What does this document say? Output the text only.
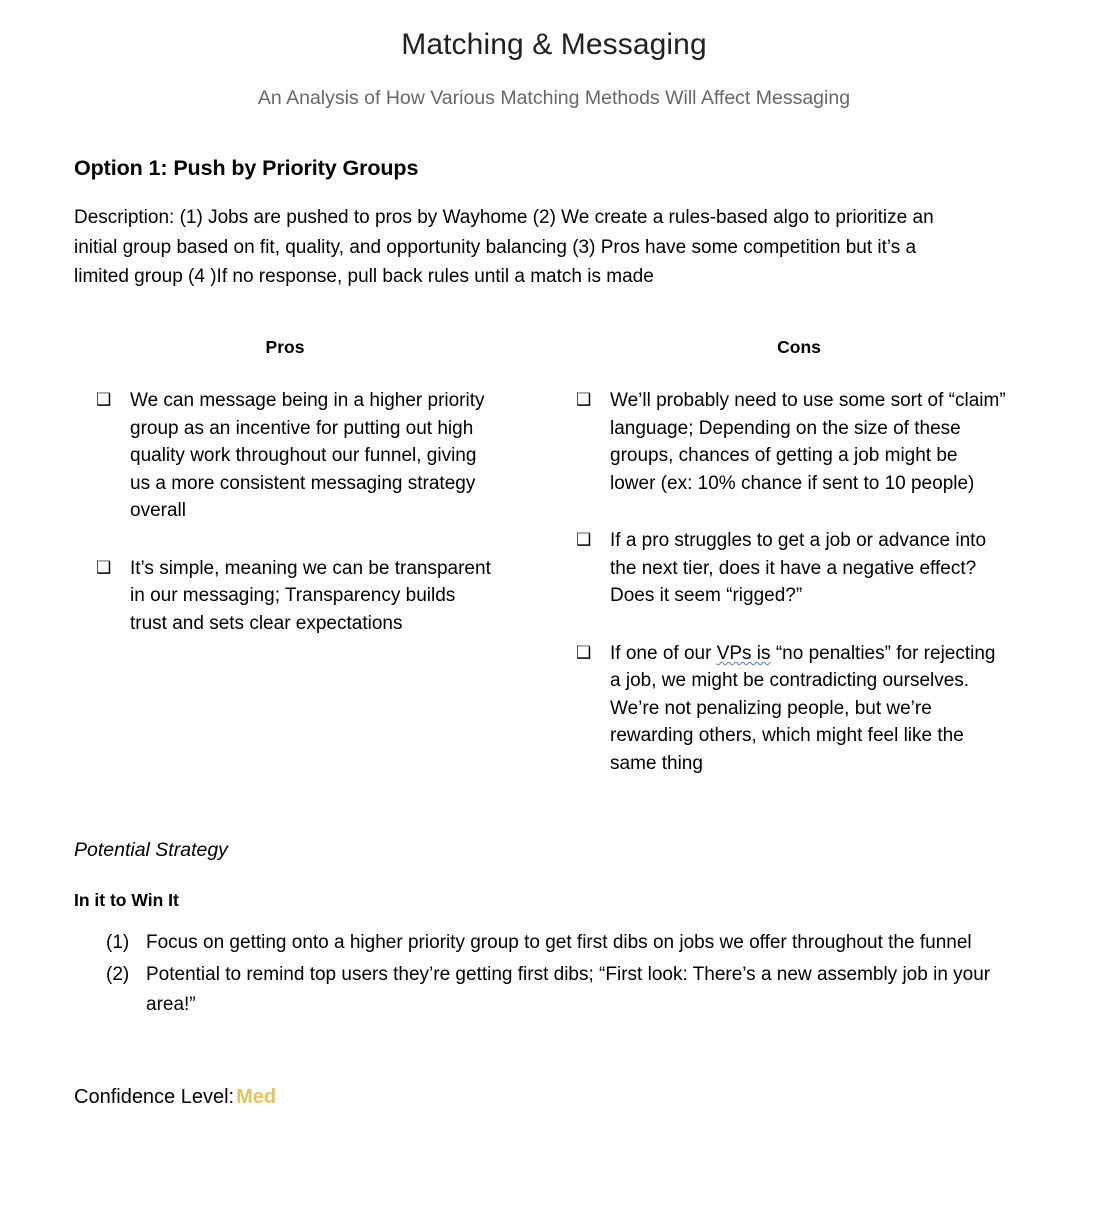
Matching & Messaging

An Analysis of How Various Matching Methods Will Affect Messaging

Option 1: Push by Priority Groups

Description: (1) Jobs are pushed to pros by Wayhome (2) We create a rules-based algo to prioritize an initial group based on fit, quality, and opportunity balancing (3) Pros have some competition but it’s a limited group (4 )If no response, pull back rules until a match is made

Pros
❑ We can message being in a higher priority group as an incentive for putting out high quality work throughout our funnel, giving us a more consistent messaging strategy overall
❑ It’s simple, meaning we can be transparent in our messaging; Transparency builds trust and sets clear expectations
Cons
❑ We’ll probably need to use some sort of “claim” language; Depending on the size of these groups, chances of getting a job might be lower (ex: 10% chance if sent to 10 people)
❑ If a pro struggles to get a job or advance into the next tier, does it have a negative effect? Does it seem “rigged?”
❑ If one of our VPs is “no penalties” for rejecting a job, we might be contradicting ourselves. We’re not penalizing people, but we’re rewarding others, which might feel like the same thing

Potential Strategy

In it to Win It

(1) Focus on getting onto a higher priority group to get first dibs on jobs we offer throughout the funnel
(2) Potential to remind top users they’re getting first dibs; “First look: There’s a new assembly job in your area!”
Confidence Level: Med
